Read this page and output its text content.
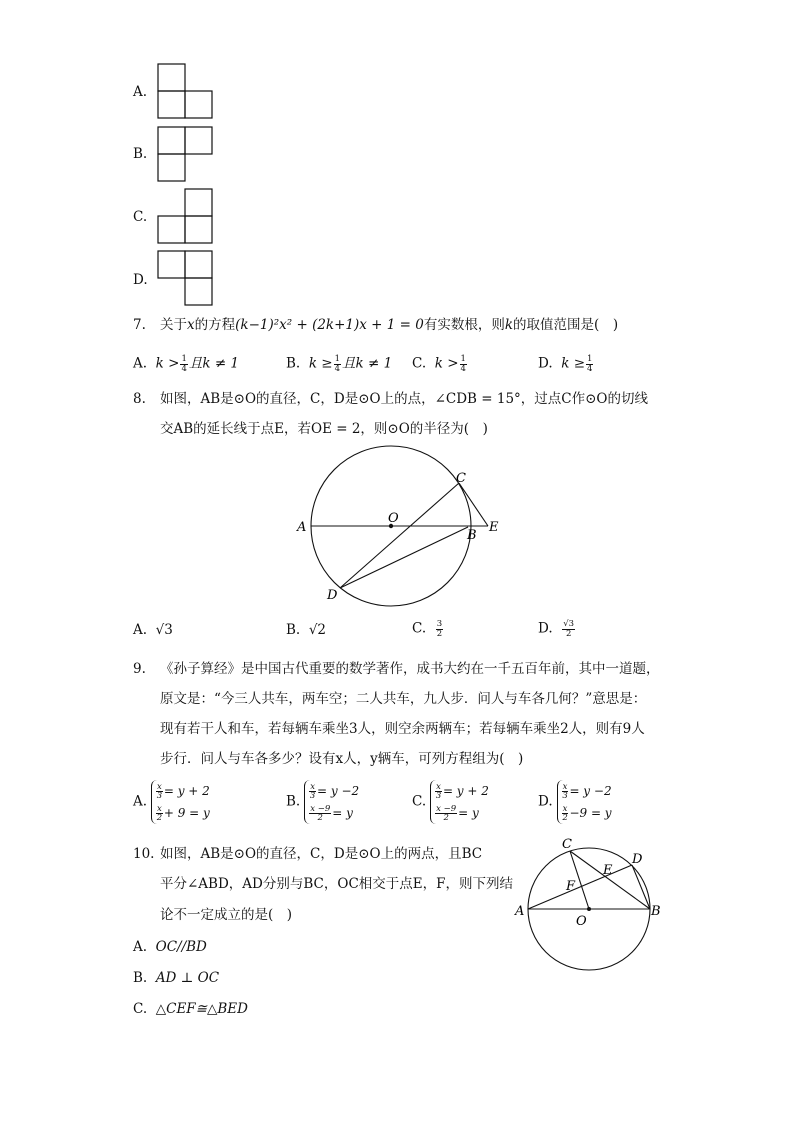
A.
B.
C.
D.
7. 关于x的方程(k−1)²x² + (2k+1)x + 1 = 0有实数根，则k的取值范围是(　)
A. $k > \frac{1}{4}$ 且k ≠ 1	B. $k \ge \frac{1}{4}$ 且k ≠ 1 C. $k > \frac{1}{4}$	D. $k \ge \frac{1}{4}$
8. 如图，AB是⊙O的直径，C，D是⊙O上的点，∠CDB = 15°，过点C作⊙O的切线
交AB的延长线于点E，若OE = 2，则⊙O的半径为(　)
A
O
C
E
B
D
A. √3	B. √2	C. $\frac{3}{2}$	D. $\frac{√3}{2}$
9. 《孙子算经》是中国古代重要的数学著作，成书大约在一千五百年前，其中一道题，
原文是：“今三人共车，两车空；二人共车，九人步．问人与车各几何？”意思是：
现有若干人和车，若每辆车乘坐3人，则空余两辆车；若每辆车乘坐2人，则有9人
步行．问人与车各多少？设有x人，y辆车，可列方程组为(　)
A.
$\frac{x}{3} = y + 2$
$\frac{x}{2} + 9 = y$
B.
$\frac{x}{3} = y -2$
$\frac{x -9}{2} = y$
C.
$\frac{x}{3} = y + 2$
$\frac{x -9}{2} = y$
D.
$\frac{x}{3} = y -2$
$\frac{x}{2} -9 = y$
10. 如图，AB是⊙O的直径，C，D是⊙O上的两点，且BC
平分∠ABD，AD分别与BC，OC相交于点E，F，则下列结
论不一定成立的是(　)
A. OC//BD
B. AD ⊥ OC
C. △CEF≅△BED
C
D
E
F
A
O
B
